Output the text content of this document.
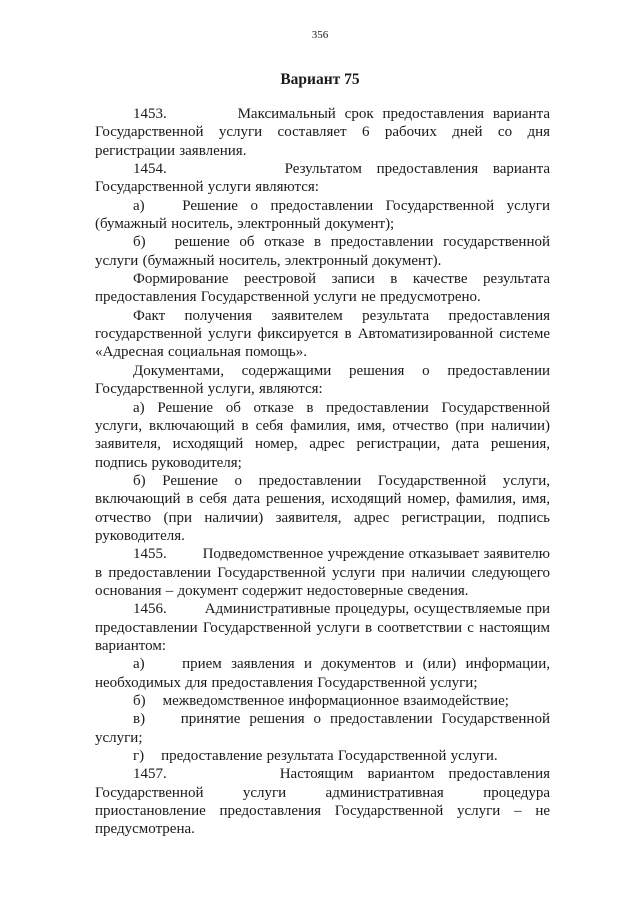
356
Вариант 75

1453.        Максимальный срок предоставления варианта Государственной услуги составляет 6 рабочих дней со дня регистрации заявления.

1454.        Результатом предоставления варианта Государственной услуги являются:

а)   Решение о предоставлении Государственной услуги (бумажный носитель, электронный документ);

б)   решение об отказе в предоставлении государственной услуги (бумажный носитель, электронный документ).

Формирование реестровой записи в качестве результата предоставления Государственной услуги не предусмотрено.

Факт получения заявителем результата предоставления государственной услуги фиксируется в Автоматизированной системе «Адресная социальная помощь».

Документами, содержащими решения о предоставлении Государственной услуги, являются:

а) Решение об отказе в предоставлении Государственной услуги, включающий в себя фамилия, имя, отчество (при наличии) заявителя, исходящий номер, адрес регистрации, дата решения, подпись руководителя;

б) Решение о предоставлении Государственной услуги, включающий в себя дата решения, исходящий номер, фамилия, имя, отчество (при наличии) заявителя, адрес регистрации, подпись руководителя.

1455.        Подведомственное учреждение отказывает заявителю в предоставлении Государственной услуги при наличии следующего основания – документ содержит недостоверные сведения.

1456.        Административные процедуры, осуществляемые при предоставлении Государственной услуги в соответствии с настоящим вариантом:

а)    прием заявления и документов и (или) информации, необходимых для предоставления Государственной услуги;

б)    межведомственное информационное взаимодействие;

в)    принятие решения о предоставлении Государственной услуги;

г)    предоставление результата Государственной услуги.

1457.        Настоящим вариантом предоставления Государственной услуги административная процедура приостановление предоставления Государственной услуги – не предусмотрена.
